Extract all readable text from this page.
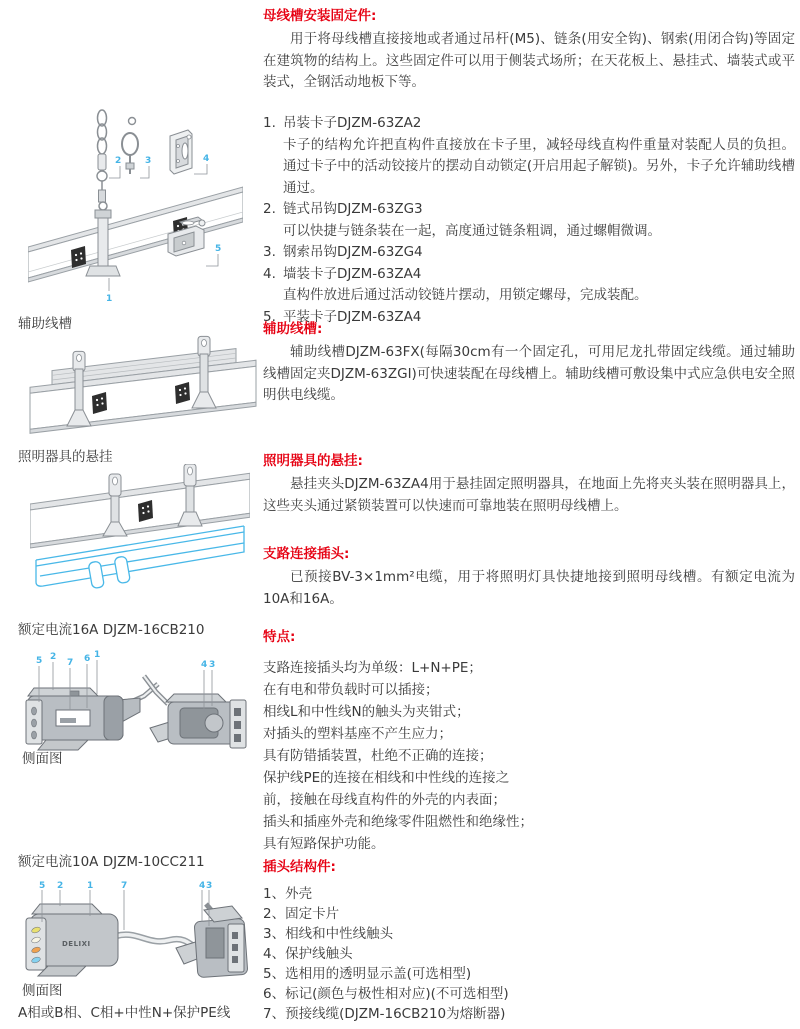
2	3	4
1
5
辅助线槽
照明器具的悬挂
额定电流16A DJZM-16CB210
5 2
7 6 1
4 3
侧面图
额定电流10A DJZM-10CC211
DELIXI
5 2	1	7	4 3
侧面图
A相或B相、C相+中性N+保护PE线
母线槽安装固定件:
用于将母线槽直接接地或者通过吊杆(M5)、链条(用安全钩)、钢索(用闭合钩)等固定在建筑物的结构上。这些固定件可以用于侧装式场所；在天花板上、悬挂式、墙装式或平装式，全钢活动地板下等。
1. 吊装卡子DJZM-63ZA2
卡子的结构允许把直构件直接放在卡子里，减轻母线直构件重量对装配人员的负担。通过卡子中的活动铰接片的摆动自动锁定(开启用起子解锁)。另外，卡子允许辅助线槽通过。
2. 链式吊钩DJZM-63ZG3
可以快捷与链条装在一起，高度通过链条粗调，通过螺帽微调。
3. 钢索吊钩DJZM-63ZG4
4. 墙装卡子DJZM-63ZA4
直构件放进后通过活动铰链片摆动，用锁定螺母，完成装配。
5. 平装卡子DJZM-63ZA4
辅助线槽:
辅助线槽DJZM-63FX(每隔30cm有一个固定孔，可用尼龙扎带固定线缆。通过辅助线槽固定夹DJZM-63ZGI)可快速装配在母线槽上。辅助线槽可敷设集中式应急供电安全照明供电线缆。
照明器具的悬挂:
悬挂夹头DJZM-63ZA4用于悬挂固定照明器具，在地面上先将夹头装在照明器具上，这些夹头通过紧锁装置可以快速而可靠地装在照明母线槽上。
支路连接插头:
已预接BV-3×1mm²电缆，用于将照明灯具快捷地接到照明母线槽。有额定电流为10A和16A。
特点:
支路连接插头均为单级：L+N+PE；
在有电和带负载时可以插接；
相线L和中性线N的触头为夹钳式；
对插头的塑料基座不产生应力；
具有防错插装置，杜绝不正确的连接；
保护线PE的连接在相线和中性线的连接之
前，接触在母线直构件的外壳的内表面；
插头和插座外壳和绝缘零件阻燃性和绝缘性；
具有短路保护功能。
插头结构件:
1、外壳
2、固定卡片
3、相线和中性线触头
4、保护线触头
5、选相用的透明显示盖(可选相型)
6、标记(颜色与极性相对应)(不可选相型)
7、预接线缆(DJZM-16CB210为熔断器)
